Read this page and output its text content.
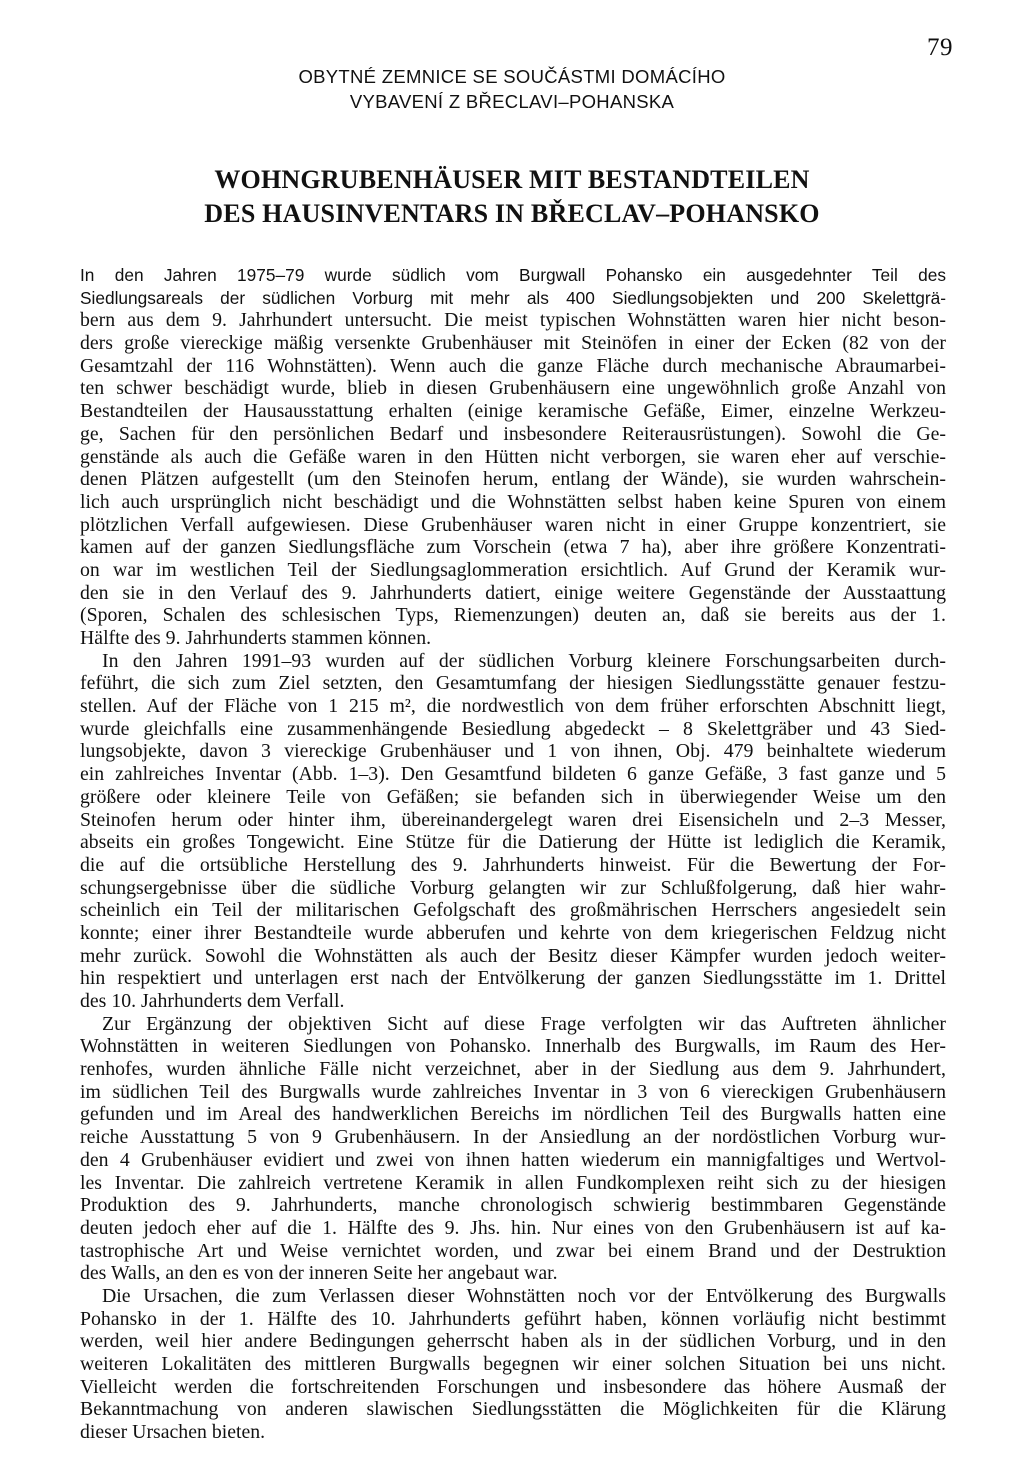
79
OBYTNÉ ZEMNICE SE SOUČÁSTMI DOMÁCÍHO
VYBAVENÍ Z BŘECLAVI–POHANSKA
WOHNGRUBENHÄUSER MIT BESTANDTEILEN
DES HAUSINVENTARS IN BŘECLAV–POHANSKO
In den Jahren 1975–79 wurde südlich vom Burgwall Pohansko ein ausgedehnter Teil des
Siedlungsareals der südlichen Vorburg mit mehr als 400 Siedlungsobjekten und 200 Skelettgrä-
bern aus dem 9. Jahrhundert untersucht. Die meist typischen Wohnstätten waren hier nicht beson-
ders große viereckige mäßig versenkte Grubenhäuser mit Steinöfen in einer der Ecken (82 von der
Gesamtzahl der 116 Wohnstätten). Wenn auch die ganze Fläche durch mechanische Abraumarbei-
ten schwer beschädigt wurde, blieb in diesen Grubenhäusern eine ungewöhnlich große Anzahl von
Bestandteilen der Hausausstattung erhalten (einige keramische Gefäße, Eimer, einzelne Werkzeu-
ge, Sachen für den persönlichen Bedarf und insbesondere Reiterausrüstungen). Sowohl die Ge-
genstände als auch die Gefäße waren in den Hütten nicht verborgen, sie waren eher auf verschie-
denen Plätzen aufgestellt (um den Steinofen herum, entlang der Wände), sie wurden wahrschein-
lich auch ursprünglich nicht beschädigt und die Wohnstätten selbst haben keine Spuren von einem
plötzlichen Verfall aufgewiesen. Diese Grubenhäuser waren nicht in einer Gruppe konzentriert, sie
kamen auf der ganzen Siedlungsfläche zum Vorschein (etwa 7 ha), aber ihre größere Konzentrati-
on war im westlichen Teil der Siedlungsaglommeration ersichtlich. Auf Grund der Keramik wur-
den sie in den Verlauf des 9. Jahrhunderts datiert, einige weitere Gegenstände der Ausstaattung
(Sporen, Schalen des schlesischen Typs, Riemenzungen) deuten an, daß sie bereits aus der 1.
Hälfte des 9. Jahrhunderts stammen können.
In den Jahren 1991–93 wurden auf der südlichen Vorburg kleinere Forschungsarbeiten durch-
feführt, die sich zum Ziel setzten, den Gesamtumfang der hiesigen Siedlungsstätte genauer festzu-
stellen. Auf der Fläche von 1 215 m², die nordwestlich von dem früher erforschten Abschnitt liegt,
wurde gleichfalls eine zusammenhängende Besiedlung abgedeckt – 8 Skelettgräber und 43 Sied-
lungsobjekte, davon 3 viereckige Grubenhäuser und 1 von ihnen, Obj. 479 beinhaltete wiederum
ein zahlreiches Inventar (Abb. 1–3). Den Gesamtfund bildeten 6 ganze Gefäße, 3 fast ganze und 5
größere oder kleinere Teile von Gefäßen; sie befanden sich in überwiegender Weise um den
Steinofen herum oder hinter ihm, übereinandergelegt waren drei Eisensicheln und 2–3 Messer,
abseits ein großes Tongewicht. Eine Stütze für die Datierung der Hütte ist lediglich die Keramik,
die auf die ortsübliche Herstellung des 9. Jahrhunderts hinweist. Für die Bewertung der For-
schungsergebnisse über die südliche Vorburg gelangten wir zur Schlußfolgerung, daß hier wahr-
scheinlich ein Teil der militarischen Gefolgschaft des großmährischen Herrschers angesiedelt sein
konnte; einer ihrer Bestandteile wurde abberufen und kehrte von dem kriegerischen Feldzug nicht
mehr zurück. Sowohl die Wohnstätten als auch der Besitz dieser Kämpfer wurden jedoch weiter-
hin respektiert und unterlagen erst nach der Entvölkerung der ganzen Siedlungsstätte im 1. Drittel
des 10. Jahrhunderts dem Verfall.
Zur Ergänzung der objektiven Sicht auf diese Frage verfolgten wir das Auftreten ähnlicher
Wohnstätten in weiteren Siedlungen von Pohansko. Innerhalb des Burgwalls, im Raum des Her-
renhofes, wurden ähnliche Fälle nicht verzeichnet, aber in der Siedlung aus dem 9. Jahrhundert,
im südlichen Teil des Burgwalls wurde zahlreiches Inventar in 3 von 6 viereckigen Grubenhäusern
gefunden und im Areal des handwerklichen Bereichs im nördlichen Teil des Burgwalls hatten eine
reiche Ausstattung 5 von 9 Grubenhäusern. In der Ansiedlung an der nordöstlichen Vorburg wur-
den 4 Grubenhäuser evidiert und zwei von ihnen hatten wiederum ein mannigfaltiges und Wertvol-
les Inventar. Die zahlreich vertretene Keramik in allen Fundkomplexen reiht sich zu der hiesigen
Produktion des 9. Jahrhunderts, manche chronologisch schwierig bestimmbaren Gegenstände
deuten jedoch eher auf die 1. Hälfte des 9. Jhs. hin. Nur eines von den Grubenhäusern ist auf ka-
tastrophische Art und Weise vernichtet worden, und zwar bei einem Brand und der Destruktion
des Walls, an den es von der inneren Seite her angebaut war.
Die Ursachen, die zum Verlassen dieser Wohnstätten noch vor der Entvölkerung des Burgwalls
Pohansko in der 1. Hälfte des 10. Jahrhunderts geführt haben, können vorläufig nicht bestimmt
werden, weil hier andere Bedingungen geherrscht haben als in der südlichen Vorburg, und in den
weiteren Lokalitäten des mittleren Burgwalls begegnen wir einer solchen Situation bei uns nicht.
Vielleicht werden die fortschreitenden Forschungen und insbesondere das höhere Ausmaß der
Bekanntmachung von anderen slawischen Siedlungsstätten die Möglichkeiten für die Klärung
dieser Ursachen bieten.
